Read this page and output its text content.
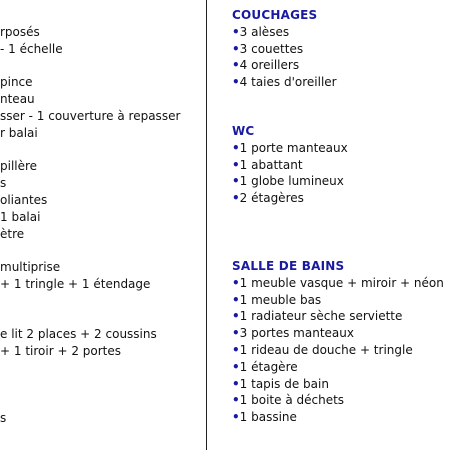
rposés
- 1 échelle
pince
nteau
sser - 1 couverture à repasser
r balai
pillère
s
oliantes
1 balai
ètre
multiprise
+ 1 tringle + 1 étendage
e lit 2 places + 2 coussins
+ 1 tiroir + 2 portes
s
COUCHAGES
•3 alèses
•3 couettes
•4 oreillers
•4 taies d'oreiller
WC
•1 porte manteaux
•1 abattant
•1 globe lumineux
•2 étagères
SALLE DE BAINS
•1 meuble vasque + miroir + néon
•1 meuble bas
•1 radiateur sèche serviette
•3 portes manteaux
•1 rideau de douche + tringle
•1 étagère
•1 tapis de bain
•1 boite à déchets
•1 bassine
